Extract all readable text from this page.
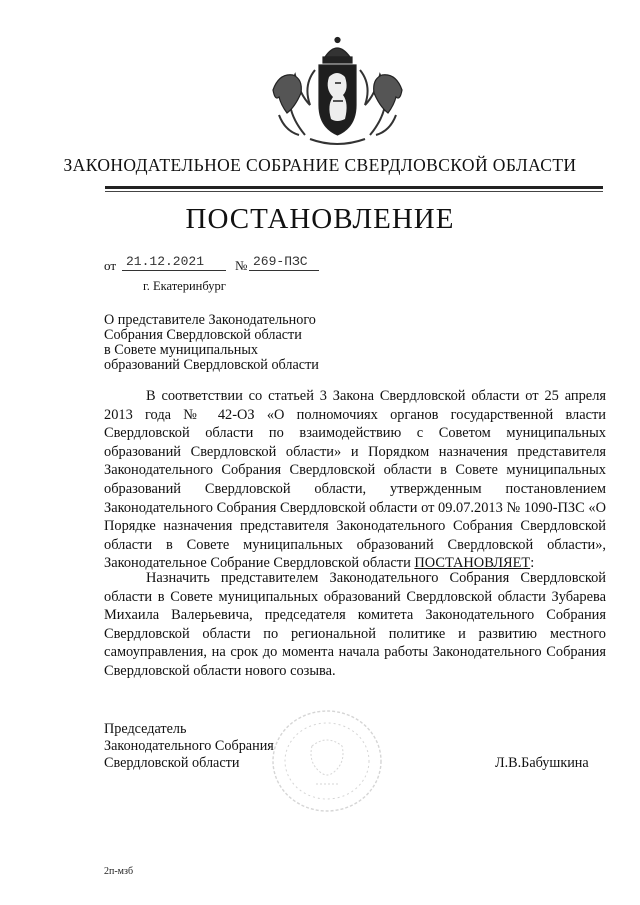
ЗАКОНОДАТЕЛЬНОЕ СОБРАНИЕ СВЕРДЛОВСКОЙ ОБЛАСТИ
ПОСТАНОВЛЕНИЕ
от 21.12.2021	№ 269-ПЗС
г. Екатеринбург
О представителе Законодательного
Собрания Свердловской области
в Совете муниципальных
образований Свердловской области

В соответствии со статьей 3 Закона Свердловской области от 25 апреля 2013 года № 42-ОЗ «О полномочиях органов государственной власти Свердловской области по взаимодействию с Советом муниципальных образований Свердловской области» и Порядком назначения представителя Законодательного Собрания Свердловской области в Совете муниципальных образований Свердловской области, утвержденным постановлением Законодательного Собрания Свердловской области от 09.07.2013 № 1090-ПЗС «О Порядке назначения представителя Законодательного Собрания Свердловской области в Совете муниципальных образований Свердловской области», Законодательное Собрание Свердловской области ПОСТАНОВЛЯЕТ:

Назначить представителем Законодательного Собрания Свердловской области в Совете муниципальных образований Свердловской области Зубарева Михаила Валерьевича, председателя комитета Законодательного Собрания Свердловской области по региональной политике и развитию местного самоуправления, на срок до момента начала работы Законодательного Собрания Свердловской области нового созыва.

Председатель
Законодательного Собрания
Свердловской области	Л.В.Бабушкина
2п-мзб
